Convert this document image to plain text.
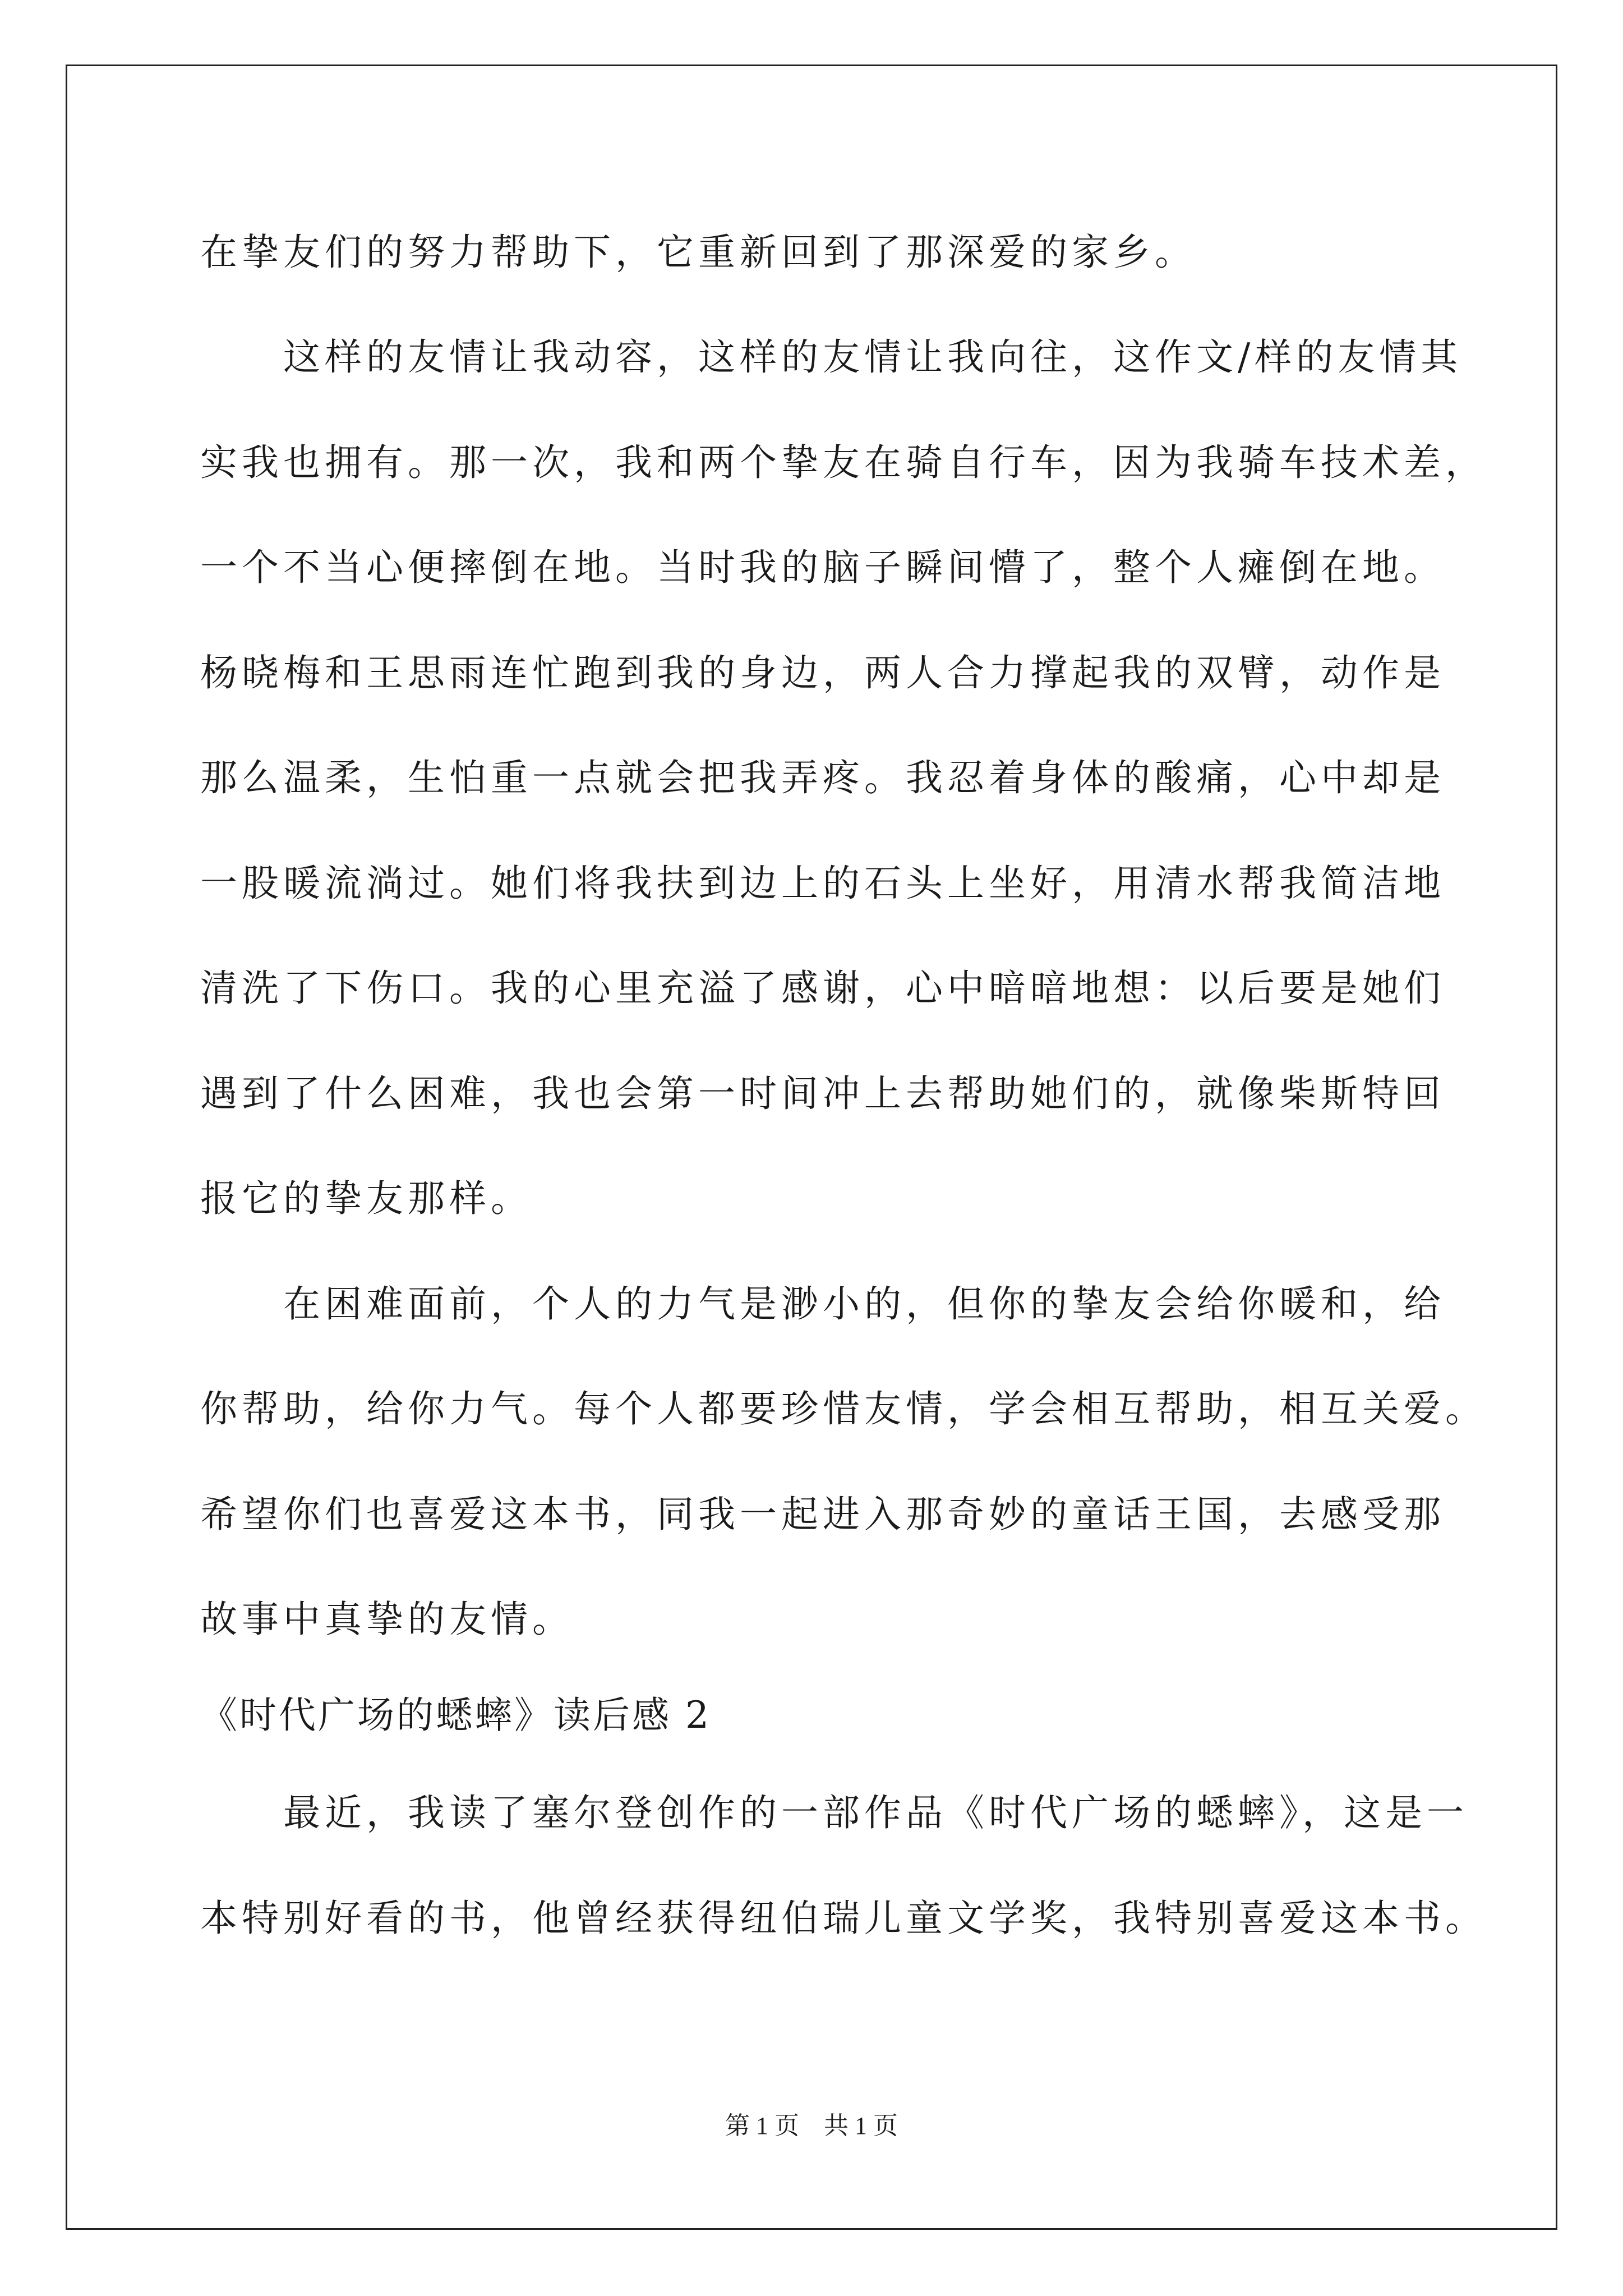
在挚友们的努力帮助下，它重新回到了那深爱的家乡。
　　这样的友情让我动容，这样的友情让我向往，这作文/样的友情其
实我也拥有。那一次，我和两个挚友在骑自行车，因为我骑车技术差，
一个不当心便摔倒在地。当时我的脑子瞬间懵了，整个人瘫倒在地。
杨晓梅和王思雨连忙跑到我的身边，两人合力撑起我的双臂，动作是
那么温柔，生怕重一点就会把我弄疼。我忍着身体的酸痛，心中却是
一股暖流淌过。她们将我扶到边上的石头上坐好，用清水帮我简洁地
清洗了下伤口。我的心里充溢了感谢，心中暗暗地想：以后要是她们
遇到了什么困难，我也会第一时间冲上去帮助她们的，就像柴斯特回
报它的挚友那样。
　　在困难面前，个人的力气是渺小的，但你的挚友会给你暖和，给
你帮助，给你力气。每个人都要珍惜友情，学会相互帮助，相互关爱。
希望你们也喜爱这本书，同我一起进入那奇妙的童话王国，去感受那
故事中真挚的友情。
《时代广场的蟋蟀》读后感 2
　　最近，我读了塞尔登创作的一部作品《时代广场的蟋蟀》，这是一
本特别好看的书，他曾经获得纽伯瑞儿童文学奖，我特别喜爱这本书。
第 1 页　共 1 页
